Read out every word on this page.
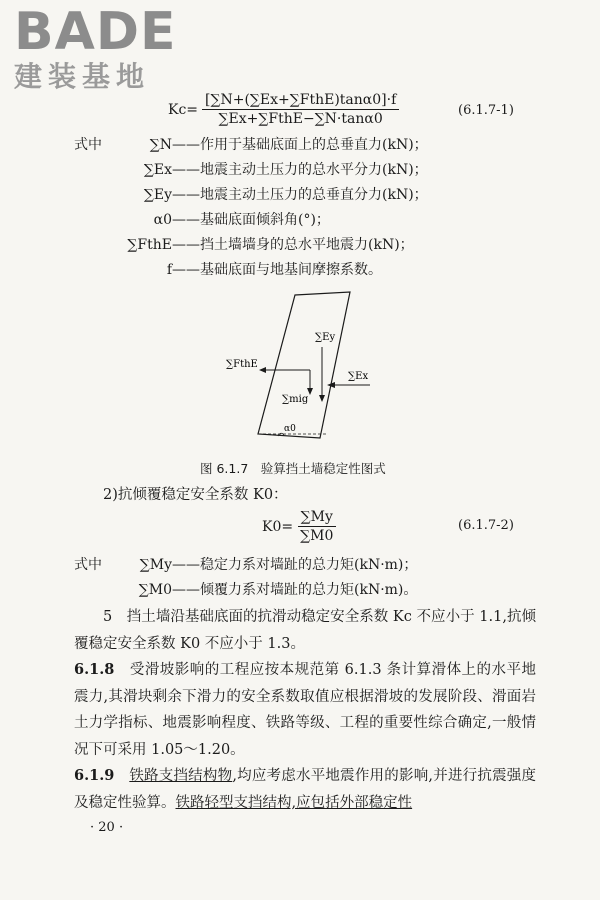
BADE
建装基地
$Kc= \frac{\text{[∑N+(∑Ex+∑FthE)tanα0]·f}}{\text{∑Ex+∑FthE−∑N·tanα0}}$	(6.1.7-1)
式中	∑N——作用于基础底面上的总垂直力(kN)；
∑Ex——地震主动土压力的总水平分力(kN)；
∑Ey——地震主动土压力的总垂直分力(kN)；
α0——基础底面倾斜角(°)；
∑FthE——挡土墙墙身的总水平地震力(kN)；
f——基础底面与地基间摩擦系数。
∑Ey
∑FthE
∑mig
∑Ex
α0
图 6.1.7　验算挡土墙稳定性图式
2)抗倾覆稳定安全系数 K0：
$K0= \frac{\sum My}{\sum M0}$	(6.1.7-2)
式中	∑My——稳定力系对墙趾的总力矩(kN·m)；
∑M0——倾覆力系对墙趾的总力矩(kN·m)。

5　挡土墙沿基础底面的抗滑动稳定安全系数 Kc 不应小于 1.1,抗倾覆稳定安全系数 K0 不应小于 1.3。

6.1.8　受滑坡影响的工程应按本规范第 6.1.3 条计算滑体上的水平地震力,其滑块剩余下滑力的安全系数取值应根据滑坡的发展阶段、滑面岩土力学指标、地震影响程度、铁路等级、工程的重要性综合确定,一般情况下可采用 1.05～1.20。

6.1.9　 铁路支挡结构物,均应考虑水平地震作用的影响,并进行抗震强度及稳定性验算。铁路轻型支挡结构,应包括外部稳定性

· 20 ·
